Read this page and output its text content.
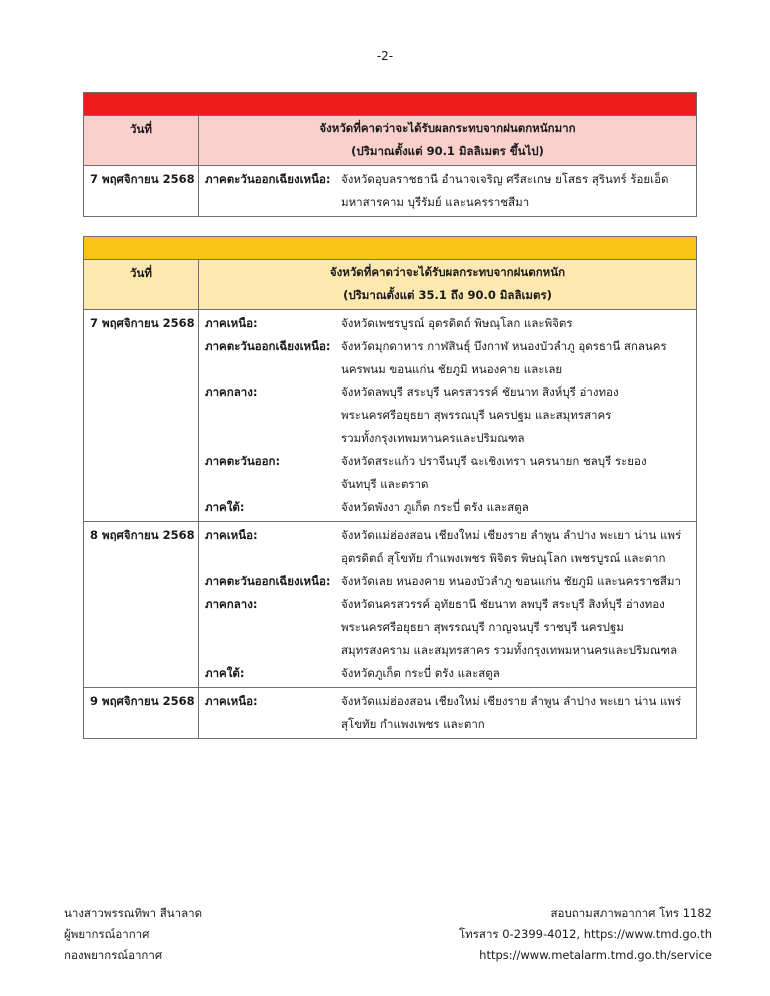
-2-
วันที่	จังหวัดที่คาดว่าจะได้รับผลกระทบจากฝนตกหนักมาก
(ปริมาณตั้งแต่ 90.1 มิลลิเมตร ขึ้นไป)
7 พฤศจิกายน 2568 ภาคตะวันออกเฉียงเหนือ: จังหวัดอุบลราชธานี อำนาจเจริญ ศรีสะเกษ ยโสธร สุรินทร์ ร้อยเอ็ด
มหาสารคาม บุรีรัมย์ และนครราชสีมา
วันที่	จังหวัดที่คาดว่าจะได้รับผลกระทบจากฝนตกหนัก
(ปริมาณตั้งแต่ 35.1 ถึง 90.0 มิลลิเมตร)
7 พฤศจิกายน 2568 ภาคเหนือ:	จังหวัดเพชรบูรณ์ อุตรดิตถ์ พิษณุโลก และพิจิตร
ภาคตะวันออกเฉียงเหนือ: จังหวัดมุกดาหาร กาฬสินธุ์ บึงกาฬ หนองบัวลำภู อุดรธานี สกลนคร
นครพนม ขอนแก่น ชัยภูมิ หนองคาย และเลย
ภาคกลาง:	จังหวัดลพบุรี สระบุรี นครสวรรค์ ชัยนาท สิงห์บุรี อ่างทอง
พระนครศรีอยุธยา สุพรรณบุรี นครปฐม และสมุทรสาคร
รวมทั้งกรุงเทพมหานครและปริมณฑล
ภาคตะวันออก:	จังหวัดสระแก้ว ปราจีนบุรี ฉะเชิงเทรา นครนายก ชลบุรี ระยอง
จันทบุรี และตราด
ภาคใต้:	จังหวัดพังงา ภูเก็ต กระบี่ ตรัง และสตูล
8 พฤศจิกายน 2568 ภาคเหนือ:	จังหวัดแม่ฮ่องสอน เชียงใหม่ เชียงราย ลำพูน ลำปาง พะเยา น่าน แพร่
อุตรดิตถ์ สุโขทัย กำแพงเพชร พิจิตร พิษณุโลก เพชรบูรณ์ และตาก
ภาคตะวันออกเฉียงเหนือ: จังหวัดเลย หนองคาย หนองบัวลำภู ขอนแก่น ชัยภูมิ และนครราชสีมา
ภาคกลาง:	จังหวัดนครสวรรค์ อุทัยธานี ชัยนาท ลพบุรี สระบุรี สิงห์บุรี อ่างทอง
พระนครศรีอยุธยา สุพรรณบุรี กาญจนบุรี ราชบุรี นครปฐม
สมุทรสงคราม และสมุทรสาคร รวมทั้งกรุงเทพมหานครและปริมณฑล
ภาคใต้:	จังหวัดภูเก็ต กระบี่ ตรัง และสตูล
9 พฤศจิกายน 2568 ภาคเหนือ:	จังหวัดแม่ฮ่องสอน เชียงใหม่ เชียงราย ลำพูน ลำปาง พะเยา น่าน แพร่
สุโขทัย กำแพงเพชร และตาก
นางสาวพรรณทิพา สีนาลาด
ผู้พยากรณ์อากาศ
กองพยากรณ์อากาศ
สอบถามสภาพอากาศ โทร 1182
โทรสาร 0-2399-4012, https://www.tmd.go.th
https://www.metalarm.tmd.go.th/service
